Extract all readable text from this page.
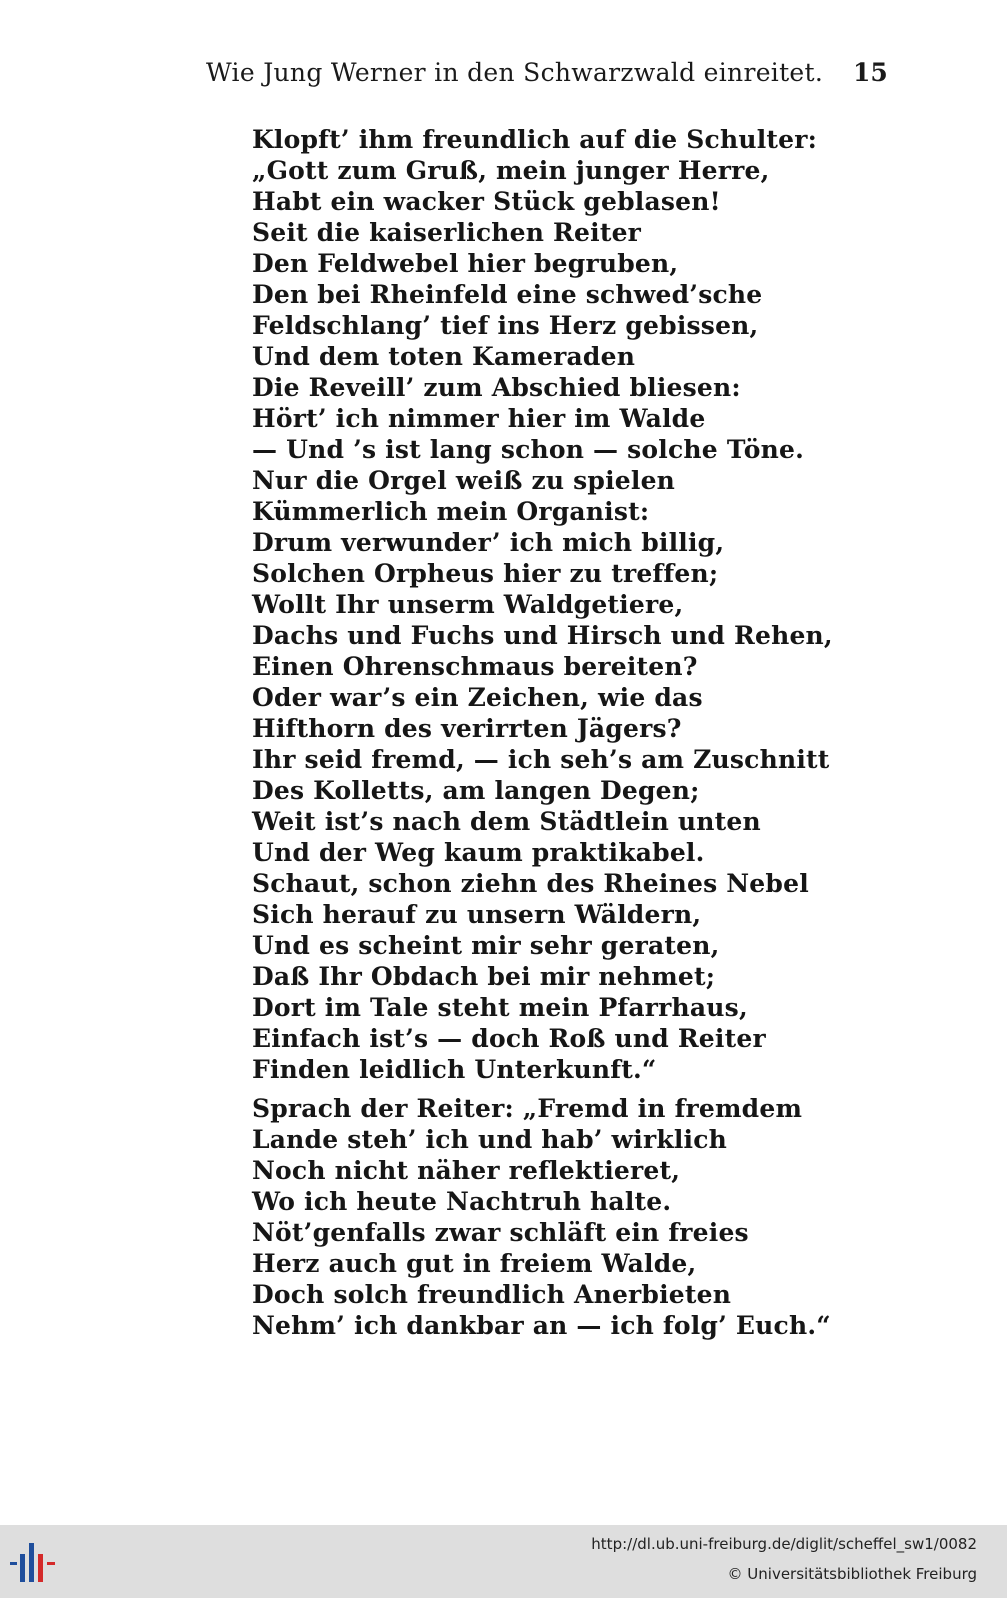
Wie Jung Werner in den Schwarzwald einreitet. 15
Klopft’ ihm freundlich auf die Schulter:
„Gott zum Gruß, mein junger Herre,
Habt ein wacker Stück geblasen!
Seit die kaiserlichen Reiter
Den Feldwebel hier begruben,
Den bei Rheinfeld eine schwed’sche
Feldschlang’ tief ins Herz gebissen,
Und dem toten Kameraden
Die Reveill’ zum Abschied bliesen:
Hört’ ich nimmer hier im Walde
— Und ’s ist lang schon — solche Töne.
Nur die Orgel weiß zu spielen
Kümmerlich mein Organist:
Drum verwunder’ ich mich billig,
Solchen Orpheus hier zu treffen;
Wollt Ihr unserm Waldgetiere,
Dachs und Fuchs und Hirsch und Rehen,
Einen Ohrenschmaus bereiten?
Oder war’s ein Zeichen, wie das
Hifthorn des verirrten Jägers?
Ihr seid fremd, — ich seh’s am Zuschnitt
Des Kolletts, am langen Degen;
Weit ist’s nach dem Städtlein unten
Und der Weg kaum praktikabel.
Schaut, schon ziehn des Rheines Nebel
Sich herauf zu unsern Wäldern,
Und es scheint mir sehr geraten,
Daß Ihr Obdach bei mir nehmet;
Dort im Tale steht mein Pfarrhaus,
Einfach ist’s — doch Roß und Reiter
Finden leidlich Unterkunft.“
Sprach der Reiter: „Fremd in fremdem
Lande steh’ ich und hab’ wirklich
Noch nicht näher reflektieret,
Wo ich heute Nachtruh halte.
Nöt’genfalls zwar schläft ein freies
Herz auch gut in freiem Walde,
Doch solch freundlich Anerbieten
Nehm’ ich dankbar an — ich folg’ Euch.“
http://dl.ub.uni-freiburg.de/diglit/scheffel_sw1/0082
© Universitätsbibliothek Freiburg
